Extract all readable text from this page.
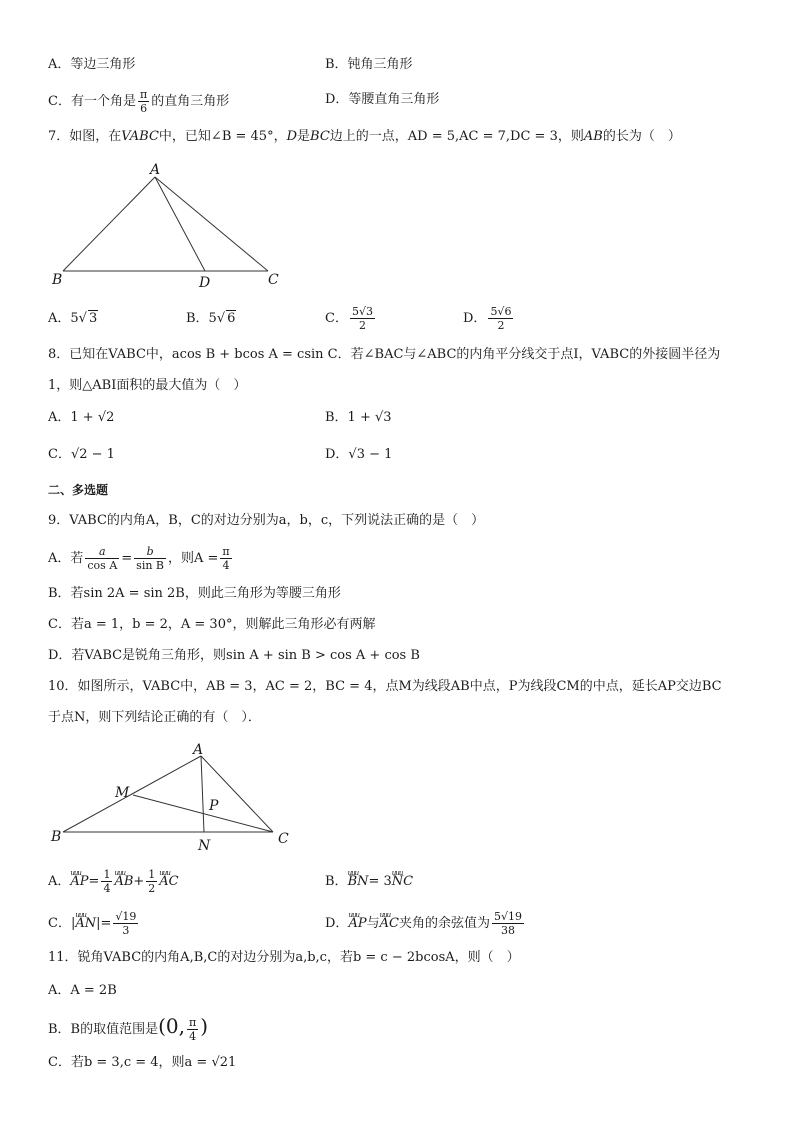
A．等边三角形	B．钝角三角形
C．有一个角是 $\frac{\pi}{6}$ 的直角三角形	D．等腰直角三角形
7．如图，在VABC中，已知∠B = 45°，D是BC边上的一点，AD = 5,AC = 7,DC = 3，则AB的长为（　）
A
B	D	C
A．5√ 3	B．5√ 6	C． $\frac{5√3}{2}$	D． $\frac{5√6}{2}$
8．已知在VABC中，acos B + bcos A = csin C．若∠BAC与∠ABC的内角平分线交于点I，VABC的外接圆半径为
1，则△ABI面积的最大值为（　）
A．1 + √2	B．1 + √3
C．√2 − 1	D．√3 − 1
二、多选题
9．VABC的内角A，B，C的对边分别为a，b，c，下列说法正确的是（　）
A．若 $\frac{a}{\text{cos A}} = \frac{b}{\text{sin B}}$ ，则$A = \frac{\pi}{4}$
B．若sin 2A = sin 2B，则此三角形为等腰三角形
C．若a = 1，b = 2，A = 30°，则解此三角形必有两解
D．若VABC是锐角三角形，则sin A + sin B > cos A + cos B
10．如图所示，VABC中，AB = 3，AC = 2，BC = 4，点M为线段AB中点，P为线段CM的中点，延长AP交边BC
于点N，则下列结论正确的有（　）．
A
M
P
B
N	C
A．uuu $AP= \frac{1}{4}$ uuu $AB+ \frac{1}{2}$ uuu AC	B．uuu BN= 3uuu NC
C．|uuu $AN|= \frac{√19}{3}$	D．uuu AP与uuu AC夹角的余弦值为 $\frac{5√19}{38}$
11．锐角VABC的内角A,B,C的对边分别为a,b,c，若b = c − 2bcosA，则（　）
A．A = 2B
B．B的取值范围是(0, $\frac{\pi}{4}$ )
C．若b = 3,c = 4，则a = √21
